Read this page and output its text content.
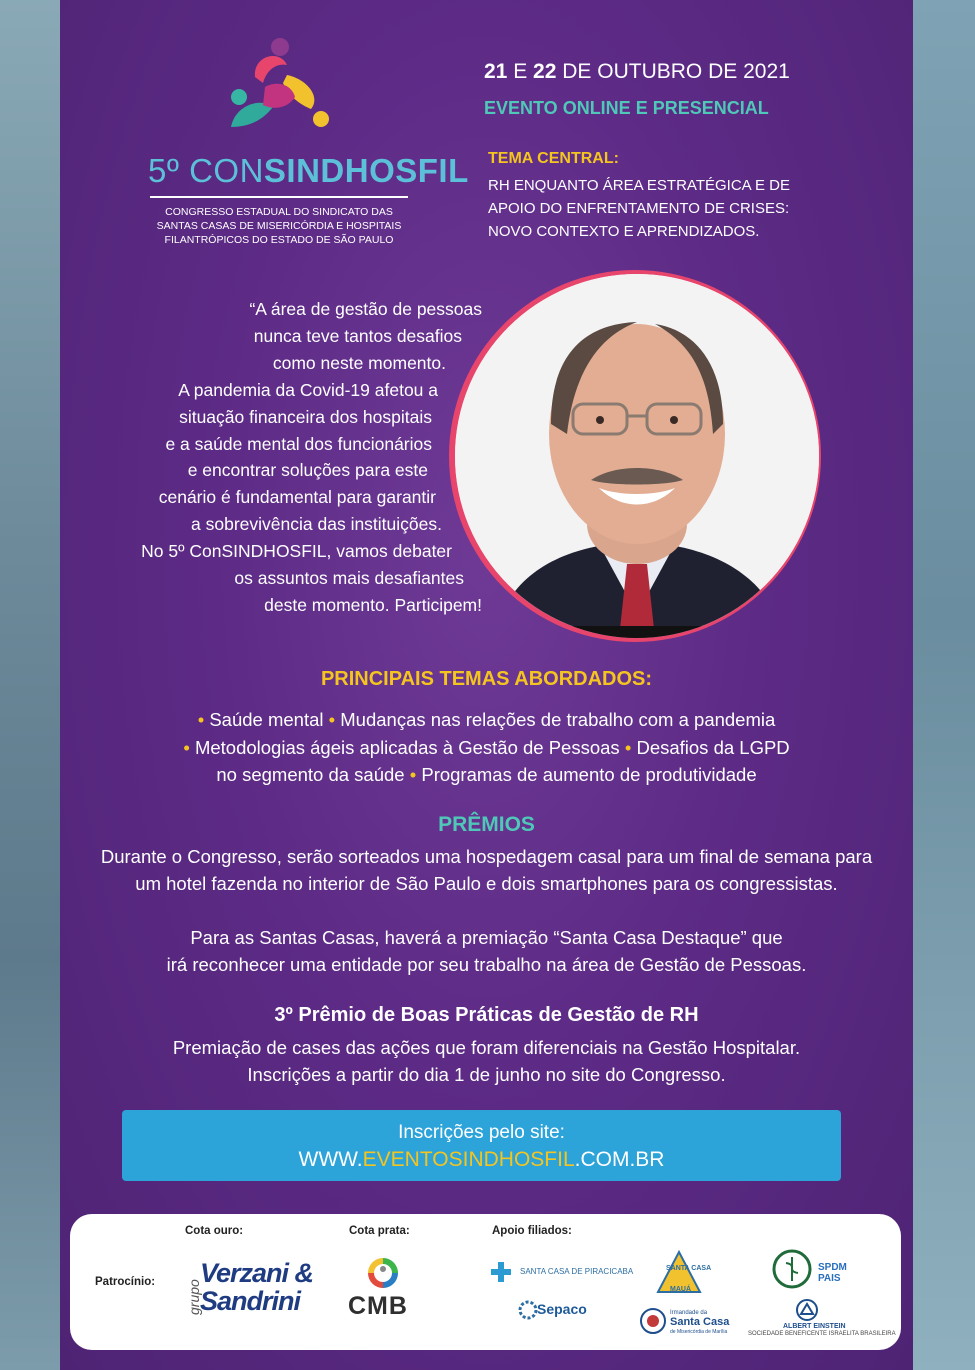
5º CONSINDHOSFIL
CONGRESSO ESTADUAL DO SINDICATO DAS
SANTAS CASAS DE MISERICÓRDIA E HOSPITAIS
FILANTRÓPICOS DO ESTADO DE SÃO PAULO
21 E 22 DE OUTUBRO DE 2021
EVENTO ONLINE E PRESENCIAL
TEMA CENTRAL:
RH ENQUANTO ÁREA ESTRATÉGICA E DE
APOIO DO ENFRENTAMENTO DE CRISES:
NOVO CONTEXTO E APRENDIZADOS.
“A área de gestão de pessoas
nunca teve tantos desafios
como neste momento.
A pandemia da Covid-19 afetou a
situação financeira dos hospitais
e a saúde mental dos funcionários
e encontrar soluções para este
cenário é fundamental para garantir
a sobrevivência das instituições.
No 5º ConSINDHOSFIL, vamos debater
os assuntos mais desafiantes
deste momento. Participem!
PRINCIPAIS TEMAS ABORDADOS:
• Saúde mental • Mudanças nas relações de trabalho com a pandemia
• Metodologias ágeis aplicadas à Gestão de Pessoas • Desafios da LGPD
no segmento da saúde • Programas de aumento de produtividade
PRÊMIOS
Durante o Congresso, serão sorteados uma hospedagem casal para um final de semana para
um hotel fazenda no interior de São Paulo e dois smartphones para os congressistas.
Para as Santas Casas, haverá a premiação “Santa Casa Destaque” que
irá reconhecer uma entidade por seu trabalho na área de Gestão de Pessoas.
3º Prêmio de Boas Práticas de Gestão de RH
Premiação de cases das ações que foram diferenciais na Gestão Hospitalar.
Inscrições a partir do dia 1 de junho no site do Congresso.
Inscrições pelo site:
WWW.EVENTOSINDHOSFIL.COM.BR
Patrocínio:
Cota ouro:	Cota prata:	Apoio filiados:
grupo
Verzani &
Sandrini CMB
SANTA CASA DE PIRACICABA
Sepaco
SANTA CASA
MAUÁ
Irmandade da
Santa Casa
de Misericórdia de Marília
SPDM
PAIS
ALBERT EINSTEIN
SOCIEDADE BENEFICENTE ISRAELITA BRASILEIRA
